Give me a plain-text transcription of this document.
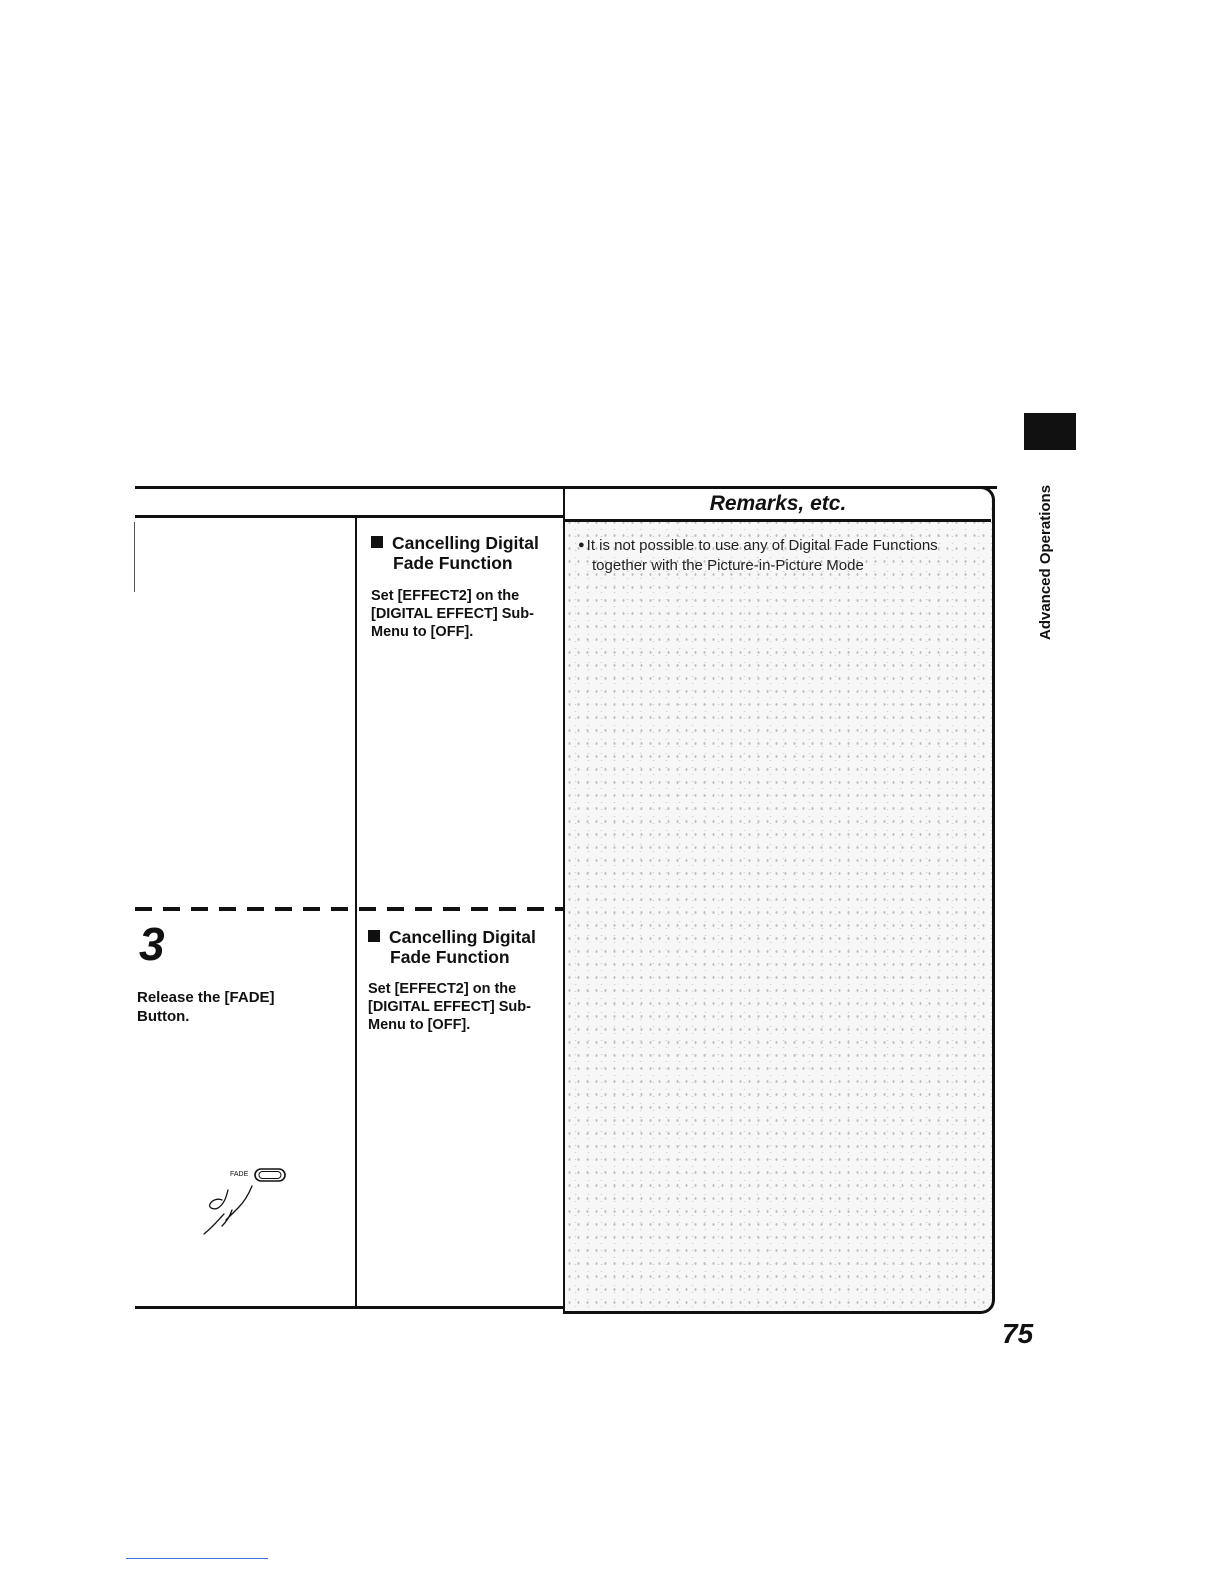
Remarks, etc.
● It is not possible to use any of Digital Fade Functions
together with the Picture-in-Picture Mode
Cancelling Digital
Fade Function
Set [EFFECT2] on the
[DIGITAL EFFECT] Sub-
Menu to [OFF].
Cancelling Digital
Fade Function
Set [EFFECT2] on the
[DIGITAL EFFECT] Sub-
Menu to [OFF].
3
Release the [FADE]
Button.
FADE
Advanced Operations
75
